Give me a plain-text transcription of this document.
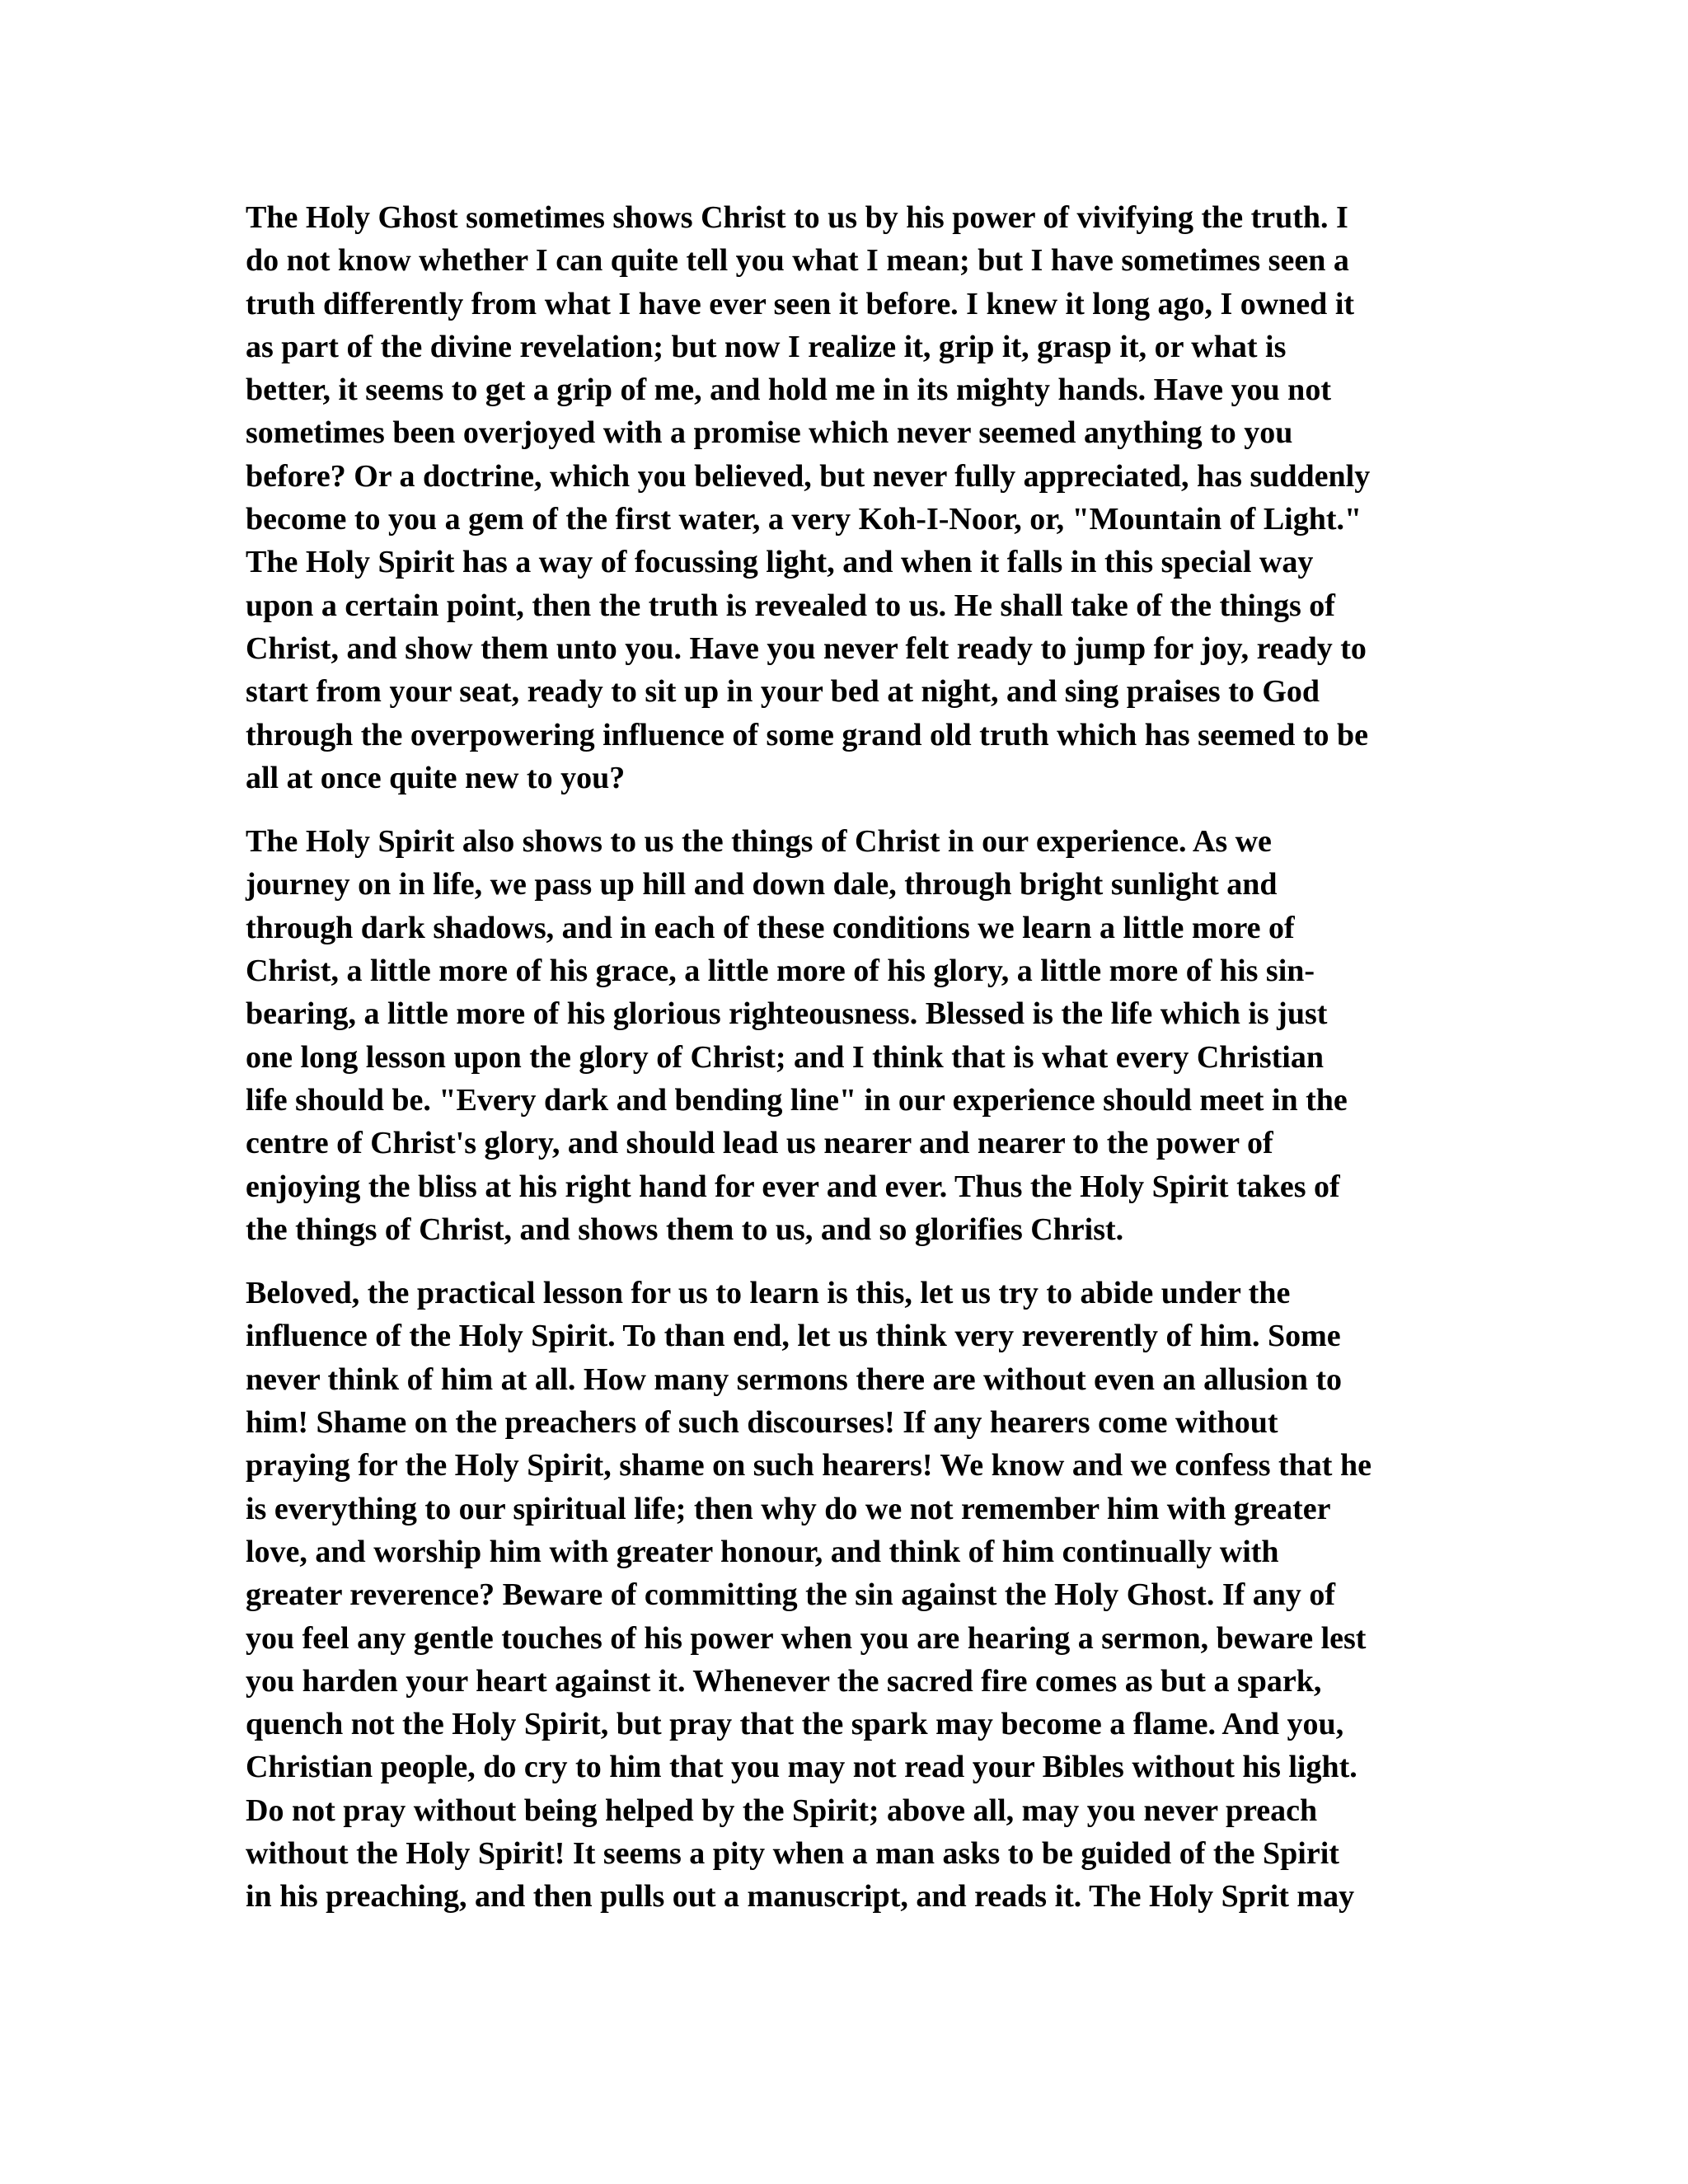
The Holy Ghost sometimes shows Christ to us by his power of vivifying the truth. I
do not know whether I can quite tell you what I mean; but I have sometimes seen a
truth differently from what I have ever seen it before. I knew it long ago, I owned it
as part of the divine revelation; but now I realize it, grip it, grasp it, or what is
better, it seems to get a grip of me, and hold me in its mighty hands. Have you not
sometimes been overjoyed with a promise which never seemed anything to you
before? Or a doctrine, which you believed, but never fully appreciated, has suddenly
become to you a gem of the first water, a very Koh-I-Noor, or, "Mountain of Light."
The Holy Spirit has a way of focussing light, and when it falls in this special way
upon a certain point, then the truth is revealed to us. He shall take of the things of
Christ, and show them unto you. Have you never felt ready to jump for joy, ready to
start from your seat, ready to sit up in your bed at night, and sing praises to God
through the overpowering influence of some grand old truth which has seemed to be
all at once quite new to you?

The Holy Spirit also shows to us the things of Christ in our experience. As we
journey on in life, we pass up hill and down dale, through bright sunlight and
through dark shadows, and in each of these conditions we learn a little more of
Christ, a little more of his grace, a little more of his glory, a little more of his sin-
bearing, a little more of his glorious righteousness. Blessed is the life which is just
one long lesson upon the glory of Christ; and I think that is what every Christian
life should be. "Every dark and bending line" in our experience should meet in the
centre of Christ's glory, and should lead us nearer and nearer to the power of
enjoying the bliss at his right hand for ever and ever. Thus the Holy Spirit takes of
the things of Christ, and shows them to us, and so glorifies Christ.

Beloved, the practical lesson for us to learn is this, let us try to abide under the
influence of the Holy Spirit. To than end, let us think very reverently of him. Some
never think of him at all. How many sermons there are without even an allusion to
him! Shame on the preachers of such discourses! If any hearers come without
praying for the Holy Spirit, shame on such hearers! We know and we confess that he
is everything to our spiritual life; then why do we not remember him with greater
love, and worship him with greater honour, and think of him continually with
greater reverence? Beware of committing the sin against the Holy Ghost. If any of
you feel any gentle touches of his power when you are hearing a sermon, beware lest
you harden your heart against it. Whenever the sacred fire comes as but a spark,
quench not the Holy Spirit, but pray that the spark may become a flame. And you,
Christian people, do cry to him that you may not read your Bibles without his light.
Do not pray without being helped by the Spirit; above all, may you never preach
without the Holy Spirit! It seems a pity when a man asks to be guided of the Spirit
in his preaching, and then pulls out a manuscript, and reads it. The Holy Sprit may
